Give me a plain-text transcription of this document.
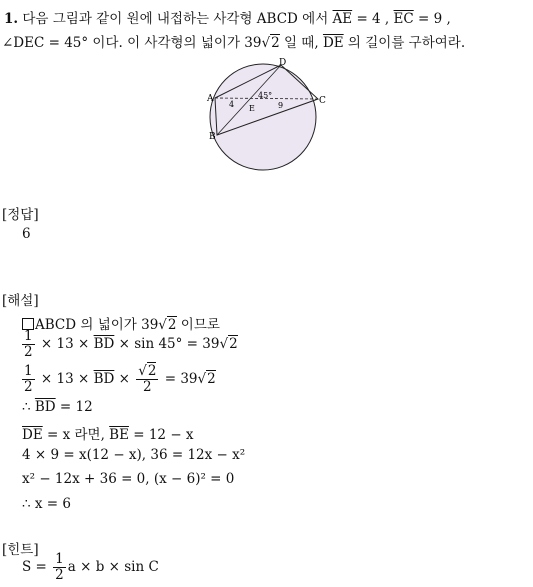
1. 다음 그림과 같이 원에 내접하는 사각형 ABCD 에서 $\overline{AE} = 4$ , $\overline{EC} = 9$ ,
∠DEC = 45° 이다. 이 사각형의 넓이가 39√2 일 때, $\overline{DE}$ 의 길이를 구하여라.
A
B
C
D
E
4	9
45°
[정답]
6
[해설]
ABCD 의 넓이가 39√2 이므로
$\frac{1}{2} \times 13 \times \overline{BD} \times \sin 45^\circ = 39√2$
$\frac{1}{2} \times 13 \times \overline{BD} \times \frac{√2}{2} = 39√2$
∴ $\overline{BD} = 12$
$\overline{DE} = x$ 라면, $\overline{BE} = 12 - x$
4 × 9 = x(12 − x), 36 = 12x − x²
x² − 12x + 36 = 0, (x − 6)² = 0
∴ x = 6
[힌트]
$S = \frac{1}{2}$ a × b × sin C
